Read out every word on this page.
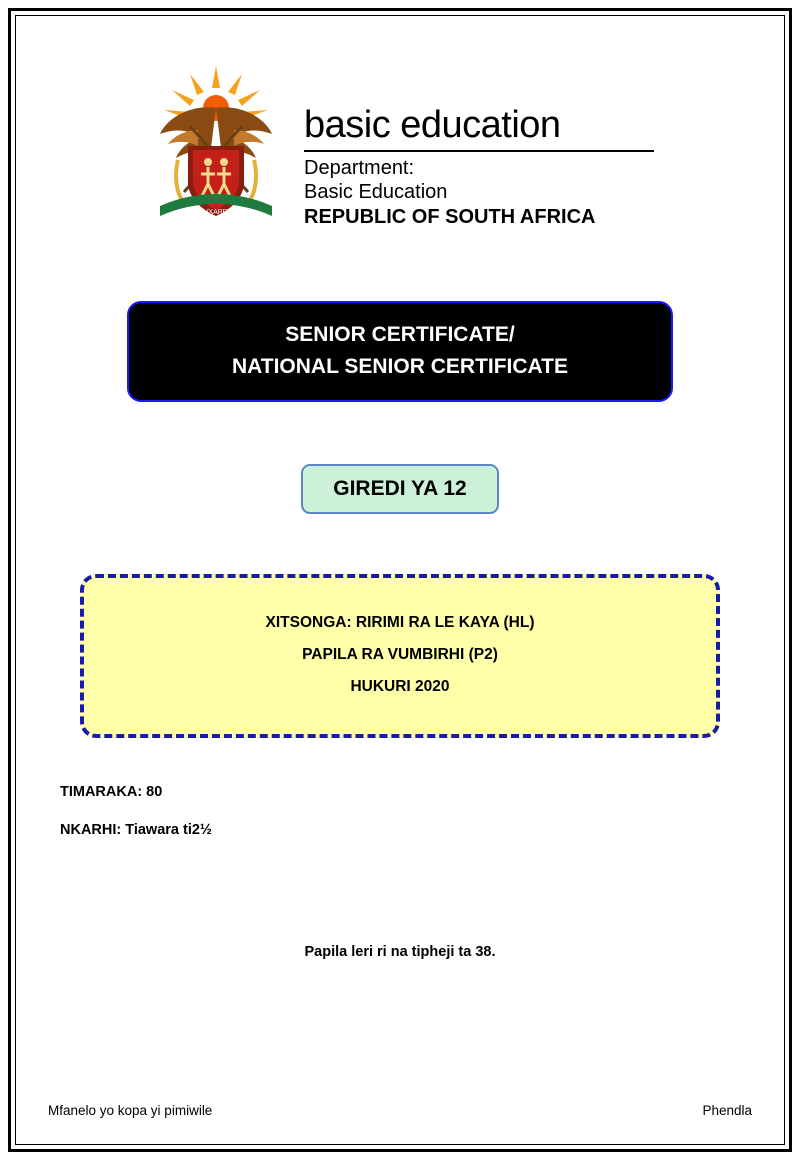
!KE E: /XARRA //KE
basic education
Department:
Basic Education
REPUBLIC OF SOUTH AFRICA
SENIOR CERTIFICATE/
NATIONAL SENIOR CERTIFICATE
GIREDI YA 12
XITSONGA: RIRIMI RA LE KAYA (HL)
PAPILA RA VUMBIRHI (P2)
HUKURI 2020
TIMARAKA: 80
NKARHI: Tiawara ti2½
Papila leri ri na tipheji ta 38.
Mfanelo yo kopa yi pimiwile	Phendla
